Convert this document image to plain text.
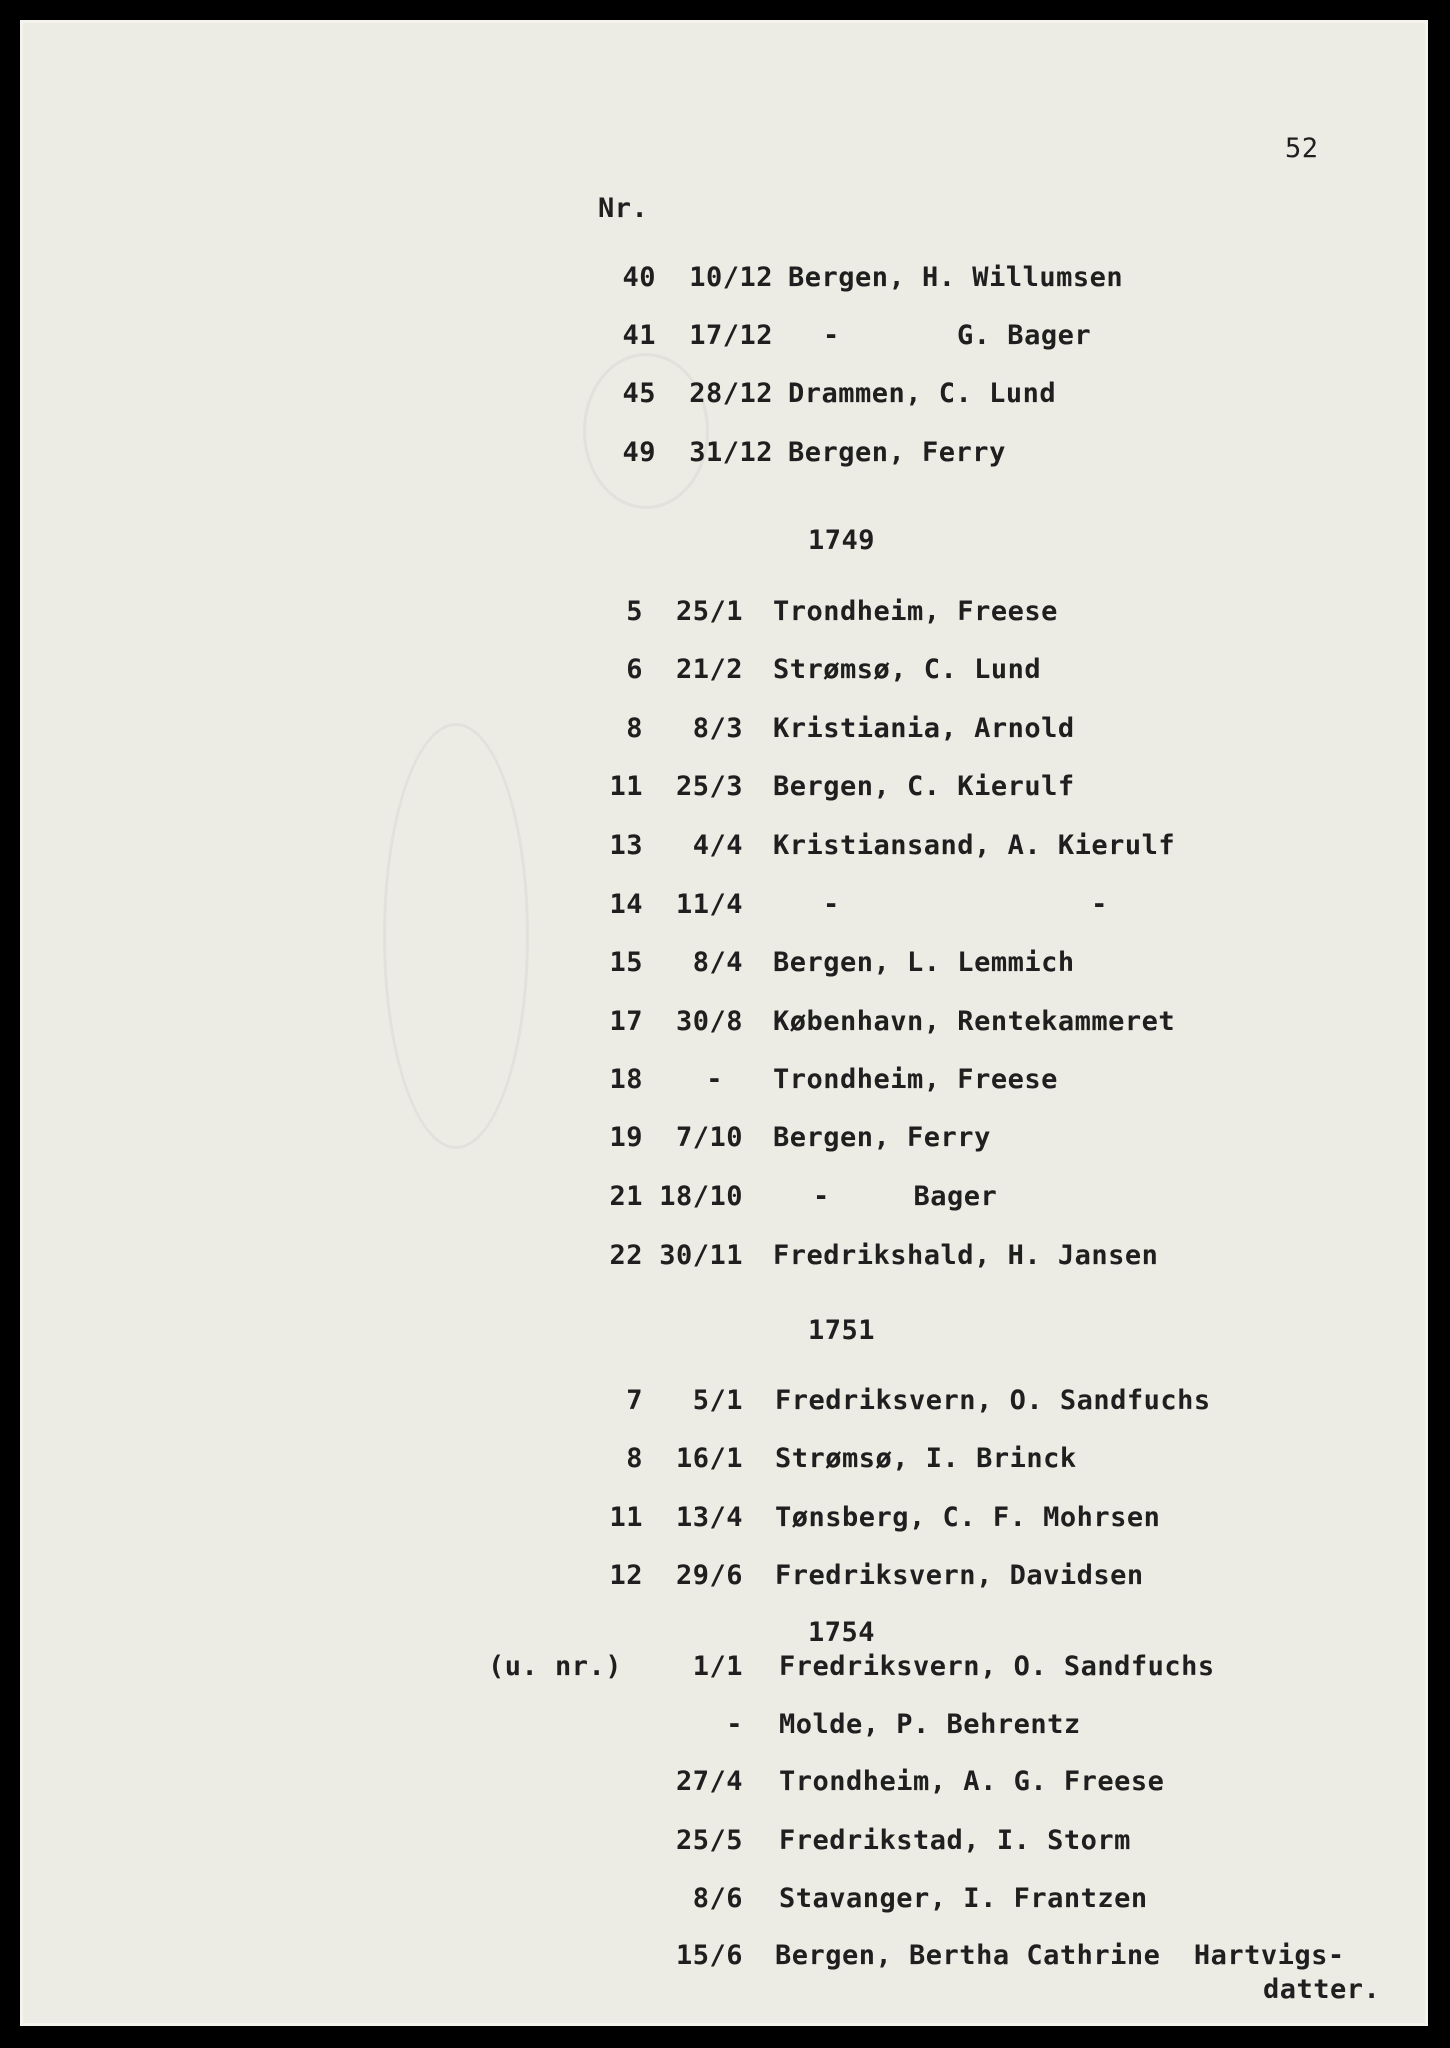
52
Nr.
40	10/12 Bergen, H. Willumsen
41	17/12 -       G. Bager
45	28/12 Drammen, C. Lund
49	31/12 Bergen, Ferry
1749
5	25/1 Trondheim, Freese
6	21/2 Strømsø, C. Lund
8	8/3 Kristiania, Arnold
11	25/3 Bergen, C. Kierulf
13	4/4 Kristiansand, A. Kierulf
14	11/4	-               -
15	8/4 Bergen, L. Lemmich
17	30/8 København, Rentekammeret
18	- Trondheim, Freese
19	7/10 Bergen, Ferry
21 18/10	-     Bager
22 30/11 Fredrikshald, H. Jansen
1751
7	5/1 Fredriksvern, O. Sandfuchs
8	16/1 Strømsø, I. Brinck
11	13/4 Tønsberg, C. F. Mohrsen
12	29/6 Fredriksvern, Davidsen
1754
(u. nr.)	1/1 Fredriksvern, O. Sandfuchs
- Molde, P. Behrentz
27/4 Trondheim, A. G. Freese
25/5 Fredrikstad, I. Storm
8/6 Stavanger, I. Frantzen
15/6 Bergen, Bertha Cathrine  Hartvigs-
datter.
